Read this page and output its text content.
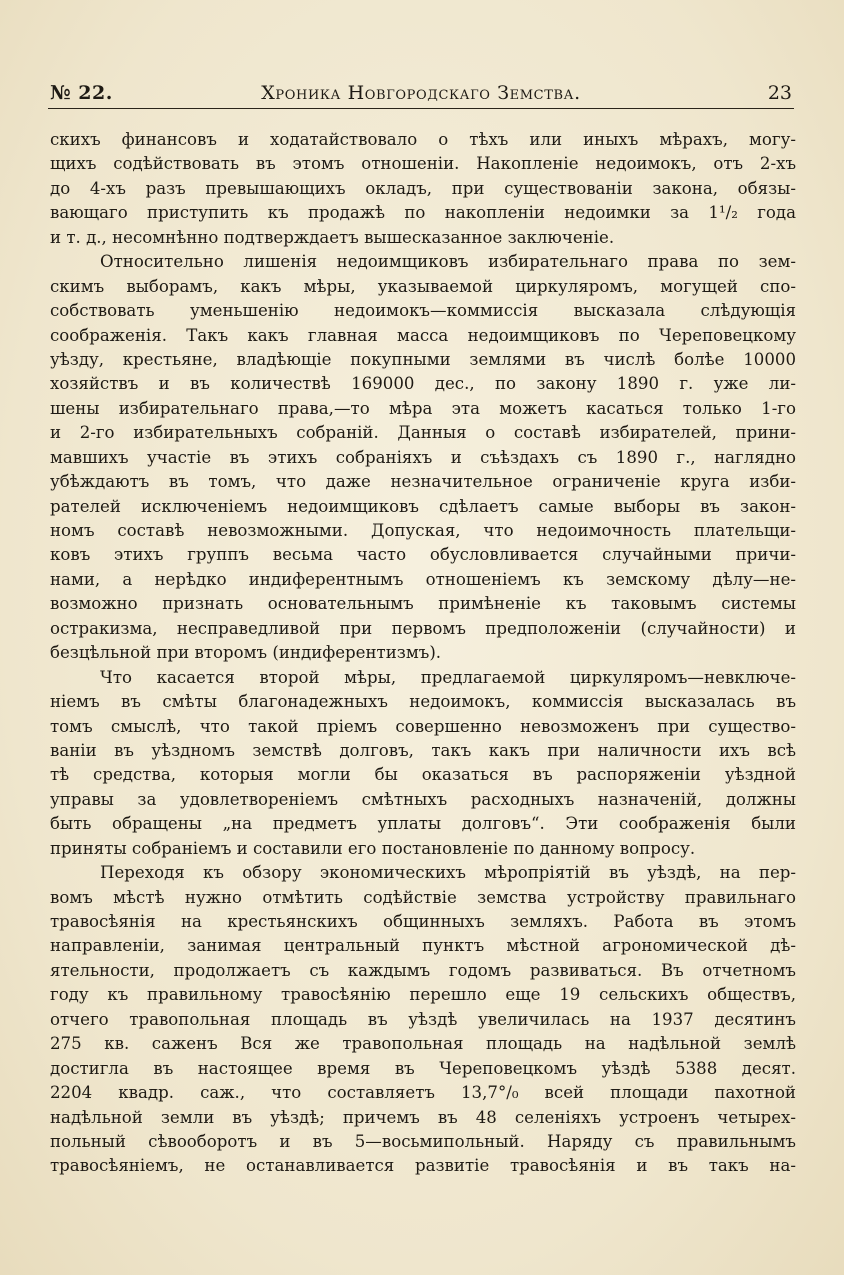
№ 22.	Хроника Новгородскаго Земства.	23
скихъ финансовъ и ходатайствовало о тѣхъ или иныхъ мѣрахъ, могу-
щихъ содѣйствовать въ этомъ отношеніи. Накопленіе недоимокъ, отъ 2-хъ
до 4-хъ разъ превышающихъ окладъ, при существованіи закона, обязы-
вающаго приступить къ продажѣ по накопленіи недоимки за 1¹/₂ года
и т. д., несомнѣнно подтверждаетъ вышесказанное заключеніе.
Относительно лишенія недоимщиковъ избирательнаго права по зем-
скимъ выборамъ, какъ мѣры, указываемой циркуляромъ, могущей спо-
собствовать уменьшенію недоимокъ—коммиссія высказала слѣдующія
соображенія. Такъ какъ главная масса недоимщиковъ по Череповецкому
уѣзду, крестьяне, владѣющіе покупными землями въ числѣ болѣе 10000
хозяйствъ и въ количествѣ 169000 дес., по закону 1890 г. уже ли-
шены избирательнаго права,—то мѣра эта можетъ касаться только 1-го
и 2-го избирательныхъ собраній. Данныя о составѣ избирателей, прини-
мавшихъ участіе въ этихъ собраніяхъ и съѣздахъ съ 1890 г., наглядно
убѣждаютъ въ томъ, что даже незначительное ограниченіе круга изби-
рателей исключеніемъ недоимщиковъ сдѣлаетъ самые выборы въ закон-
номъ составѣ невозможными. Допуская, что недоимочность плательщи-
ковъ этихъ группъ весьма часто обусловливается случайными причи-
нами, а нерѣдко индиферентнымъ отношеніемъ къ земскому дѣлу—не-
возможно признать основательнымъ примѣненіе къ таковымъ системы
остракизма, несправедливой при первомъ предположеніи (случайности) и
безцѣльной при второмъ (индиферентизмъ).
Что касается второй мѣры, предлагаемой циркуляромъ—невключе-
ніемъ въ смѣты благонадежныхъ недоимокъ, коммиссія высказалась въ
томъ смыслѣ, что такой пріемъ совершенно невозможенъ при существо-
ваніи въ уѣздномъ земствѣ долговъ, такъ какъ при наличности ихъ всѣ
тѣ средства, которыя могли бы оказаться въ распоряженіи уѣздной
управы за удовлетвореніемъ смѣтныхъ расходныхъ назначеній, должны
быть обращены „на предметъ уплаты долговъ“. Эти соображенія были
приняты собраніемъ и составили его постановленіе по данному вопросу.
Переходя къ обзору экономическихъ мѣропріятій въ уѣздѣ, на пер-
вомъ мѣстѣ нужно отмѣтить содѣйствіе земства устройству правильнаго
травосѣянія на крестьянскихъ общинныхъ земляхъ. Работа въ этомъ
направленіи, занимая центральный пунктъ мѣстной агрономической дѣ-
ятельности, продолжаетъ съ каждымъ годомъ развиваться. Въ отчетномъ
году къ правильному травосѣянію перешло еще 19 сельскихъ обществъ,
отчего травопольная площадь въ уѣздѣ увеличилась на 1937 десятинъ
275 кв. саженъ Вся же травопольная площадь на надѣльной землѣ
достигла въ настоящее время въ Череповецкомъ уѣздѣ 5388 десят.
2204 квадр. саж., что составляетъ 13,7°/₀ всей площади пахотной
надѣльной земли въ уѣздѣ; причемъ въ 48 селеніяхъ устроенъ четырех-
польный сѣвооборотъ и въ 5—восьмипольный. Наряду съ правильнымъ
травосѣяніемъ, не останавливается развитіе травосѣянія и въ такъ на-
